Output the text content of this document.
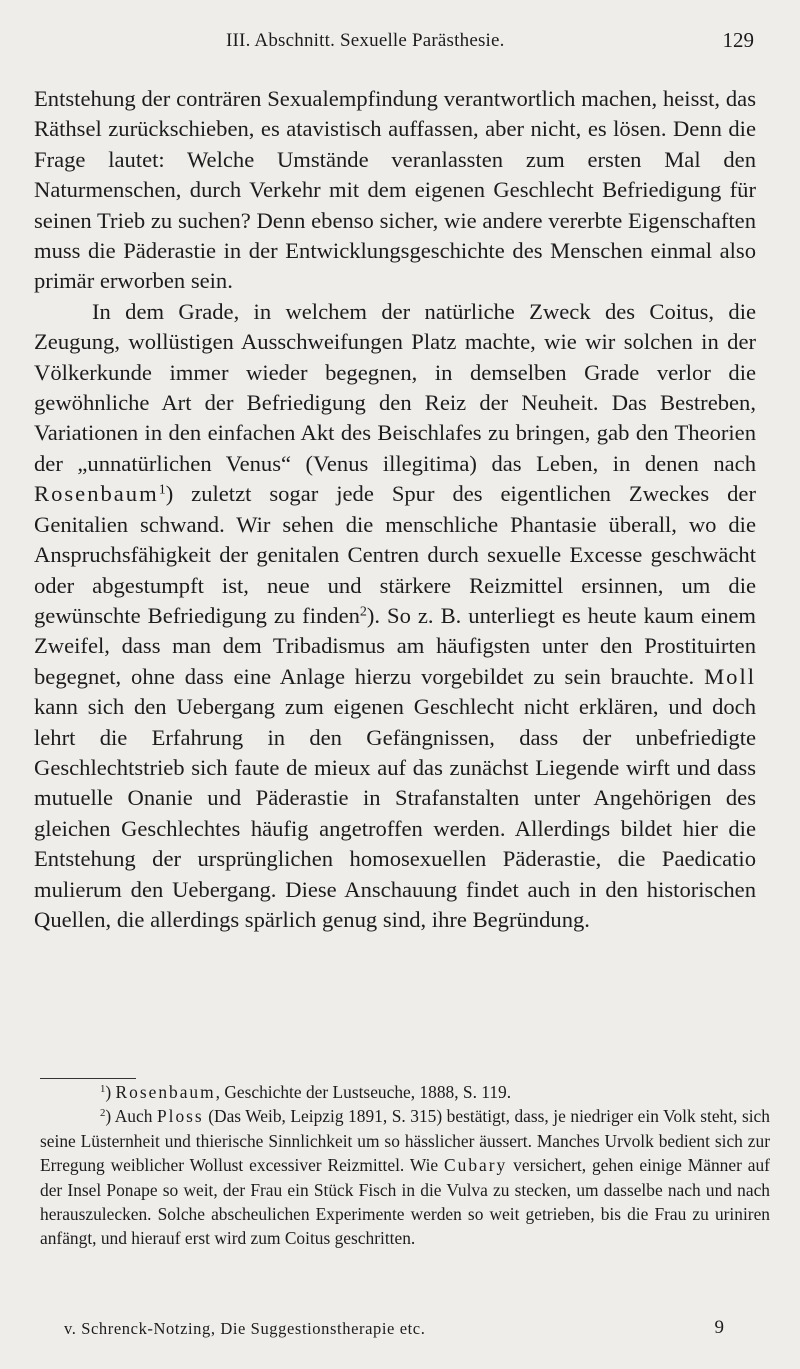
III. Abschnitt. Sexuelle Parästhesie.	129

Entstehung der conträren Sexualempfindung verantwortlich machen, heisst, das Räthsel zurückschieben, es atavistisch auffassen, aber nicht, es lösen. Denn die Frage lautet: Welche Umstände veranlassten zum ersten Mal den Naturmenschen, durch Verkehr mit dem eigenen Geschlecht Befriedigung für seinen Trieb zu suchen? Denn ebenso sicher, wie andere vererbte Eigenschaften muss die Päderastie in der Entwicklungsgeschichte des Menschen einmal also primär erworben sein.

In dem Grade, in welchem der natürliche Zweck des Coitus, die Zeugung, wollüstigen Ausschweifungen Platz machte, wie wir solchen in der Völkerkunde immer wieder begegnen, in demselben Grade verlor die gewöhnliche Art der Befriedigung den Reiz der Neuheit. Das Bestreben, Variationen in den einfachen Akt des Beischlafes zu bringen, gab den Theorien der „unnatürlichen Venus“ (Venus illegitima) das Leben, in denen nach Rosenbaum$^1$) zuletzt sogar jede Spur des eigentlichen Zweckes der Genitalien schwand. Wir sehen die menschliche Phantasie überall, wo die Anspruchsfähigkeit der genitalen Centren durch sexuelle Excesse geschwächt oder abgestumpft ist, neue und stärkere Reizmittel ersinnen, um die gewünschte Befriedigung zu finden$^2$). So z. B. unterliegt es heute kaum einem Zweifel, dass man dem Tribadismus am häufigsten unter den Prostituirten begegnet, ohne dass eine Anlage hierzu vorgebildet zu sein brauchte. Moll kann sich den Uebergang zum eigenen Geschlecht nicht erklären, und doch lehrt die Erfahrung in den Gefängnissen, dass der unbefriedigte Geschlechtstrieb sich faute de mieux auf das zunächst Liegende wirft und dass mutuelle Onanie und Päderastie in Strafanstalten unter Angehörigen des gleichen Geschlechtes häufig angetroffen werden. Allerdings bildet hier die Entstehung der ursprünglichen homosexuellen Päderastie, die Paedicatio mulierum den Uebergang. Diese Anschauung findet auch in den historischen Quellen, die allerdings spärlich genug sind, ihre Begründung.

$^1$) Rosenbaum, Geschichte der Lustseuche, 1888, S. 119.

$^2$) Auch Ploss (Das Weib, Leipzig 1891, S. 315) bestätigt, dass, je niedriger ein Volk steht, sich seine Lüsternheit und thierische Sinnlichkeit um so hässlicher äussert. Manches Urvolk bedient sich zur Erregung weiblicher Wollust excessiver Reizmittel. Wie Cubary versichert, gehen einige Männer auf der Insel Ponape so weit, der Frau ein Stück Fisch in die Vulva zu stecken, um dasselbe nach und nach herauszulecken. Solche abscheulichen Experimente werden so weit getrieben, bis die Frau zu uriniren anfängt, und hierauf erst wird zum Coitus geschritten.

v. Schrenck-Notzing, Die Suggestionstherapie etc.	9
